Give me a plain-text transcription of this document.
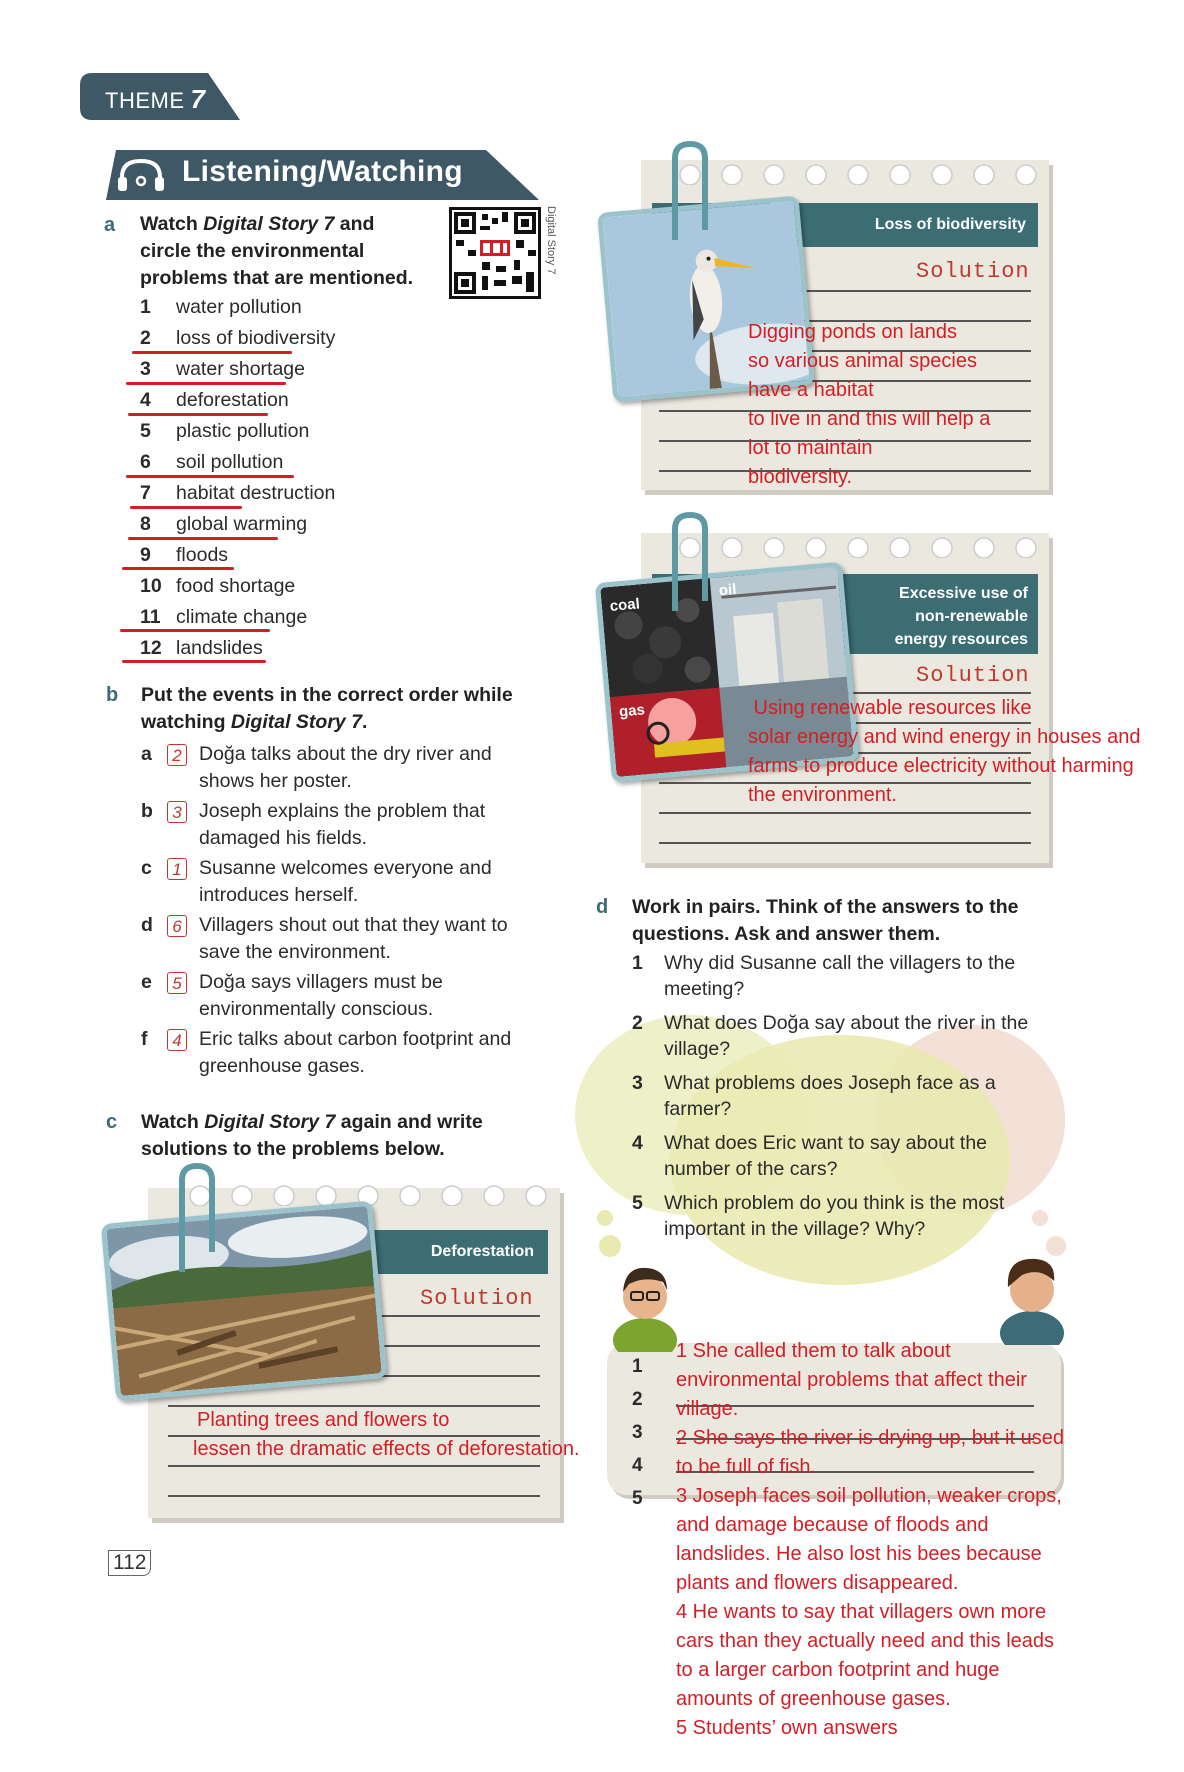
THEME 7
Listening/Watching
a Watch Digital Story 7 and
circle the environmental
problems that are mentioned.
Digital Story 7
1	water pollution
2	loss of biodiversity
3	water shortage
4	deforestation
5	plastic pollution
6	soil pollution
7	habitat destruction
8	global warming
9	floods
10 food shortage
11 climate change
12 landslides
b Put the events in the correct order while
watching Digital Story 7.
a	2 Doğa talks about the dry river and shows her poster.
b	3 Joseph explains the problem that damaged his fields.
c	1 Susanne welcomes everyone and introduces herself.
d	6 Villagers shout out that they want to save the environment.
e	5 Doğa says villagers must be environmentally conscious.
f	4 Eric talks about carbon footprint and greenhouse gases.
c Watch Digital Story 7 again and write
solutions to the problems below.
Deforestation
Solution
Planting trees and flowers to
lessen the dramatic effects of deforestation.
Loss of biodiversity
Solution
Digging ponds on lands
so various animal species
have a habitat
to live in and this will help a
lot to maintain
biodiversity.
Excessive use of
non-renewable
energy resources
Solution
coal
oil
gas	Using renewable resources like
solar energy and wind energy in houses and
farms to produce electricity without harming
the environment.
d Work in pairs. Think of the answers to the
questions. Ask and answer them.
1 Why did Susanne call the villagers to the meeting?
2 What does Doğa say about the river in the village?
3 What problems does Joseph face as a farmer?
4 What does Eric want to say about the number of the cars?
5 Which problem do you think is the most important in the village? Why?
1
2
3
4
5
1 She called them to talk about
environmental problems that affect their
village.
2 She says the river is drying up, but it used
to be full of fish.
3 Joseph faces soil pollution, weaker crops,
and damage because of floods and
landslides. He also lost his bees because
plants and flowers disappeared.
4 He wants to say that villagers own more
cars than they actually need and this leads
to a larger carbon footprint and huge
amounts of greenhouse gases.
5 Students’ own answers
112
